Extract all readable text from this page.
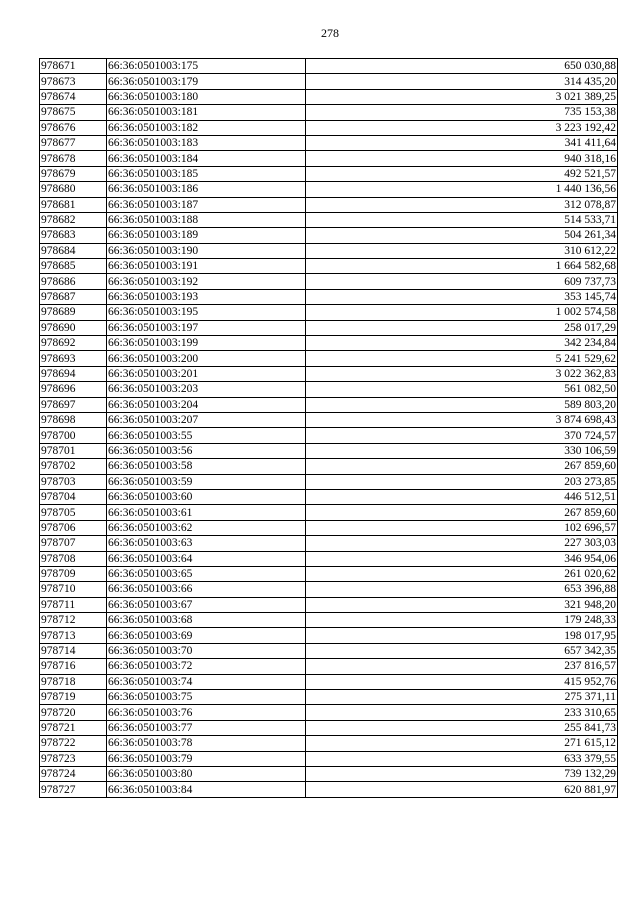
278
978671	66:36:0501003:175	650 030,88
978673	66:36:0501003:179	314 435,20
978674	66:36:0501003:180	3 021 389,25
978675	66:36:0501003:181	735 153,38
978676	66:36:0501003:182	3 223 192,42
978677	66:36:0501003:183	341 411,64
978678	66:36:0501003:184	940 318,16
978679	66:36:0501003:185	492 521,57
978680	66:36:0501003:186	1 440 136,56
978681	66:36:0501003:187	312 078,87
978682	66:36:0501003:188	514 533,71
978683	66:36:0501003:189	504 261,34
978684	66:36:0501003:190	310 612,22
978685	66:36:0501003:191	1 664 582,68
978686	66:36:0501003:192	609 737,73
978687	66:36:0501003:193	353 145,74
978689	66:36:0501003:195	1 002 574,58
978690	66:36:0501003:197	258 017,29
978692	66:36:0501003:199	342 234,84
978693	66:36:0501003:200	5 241 529,62
978694	66:36:0501003:201	3 022 362,83
978696	66:36:0501003:203	561 082,50
978697	66:36:0501003:204	589 803,20
978698	66:36:0501003:207	3 874 698,43
978700	66:36:0501003:55	370 724,57
978701	66:36:0501003:56	330 106,59
978702	66:36:0501003:58	267 859,60
978703	66:36:0501003:59	203 273,85
978704	66:36:0501003:60	446 512,51
978705	66:36:0501003:61	267 859,60
978706	66:36:0501003:62	102 696,57
978707	66:36:0501003:63	227 303,03
978708	66:36:0501003:64	346 954,06
978709	66:36:0501003:65	261 020,62
978710	66:36:0501003:66	653 396,88
978711	66:36:0501003:67	321 948,20
978712	66:36:0501003:68	179 248,33
978713	66:36:0501003:69	198 017,95
978714	66:36:0501003:70	657 342,35
978716	66:36:0501003:72	237 816,57
978718	66:36:0501003:74	415 952,76
978719	66:36:0501003:75	275 371,11
978720	66:36:0501003:76	233 310,65
978721	66:36:0501003:77	255 841,73
978722	66:36:0501003:78	271 615,12
978723	66:36:0501003:79	633 379,55
978724	66:36:0501003:80	739 132,29
978727	66:36:0501003:84	620 881,97
